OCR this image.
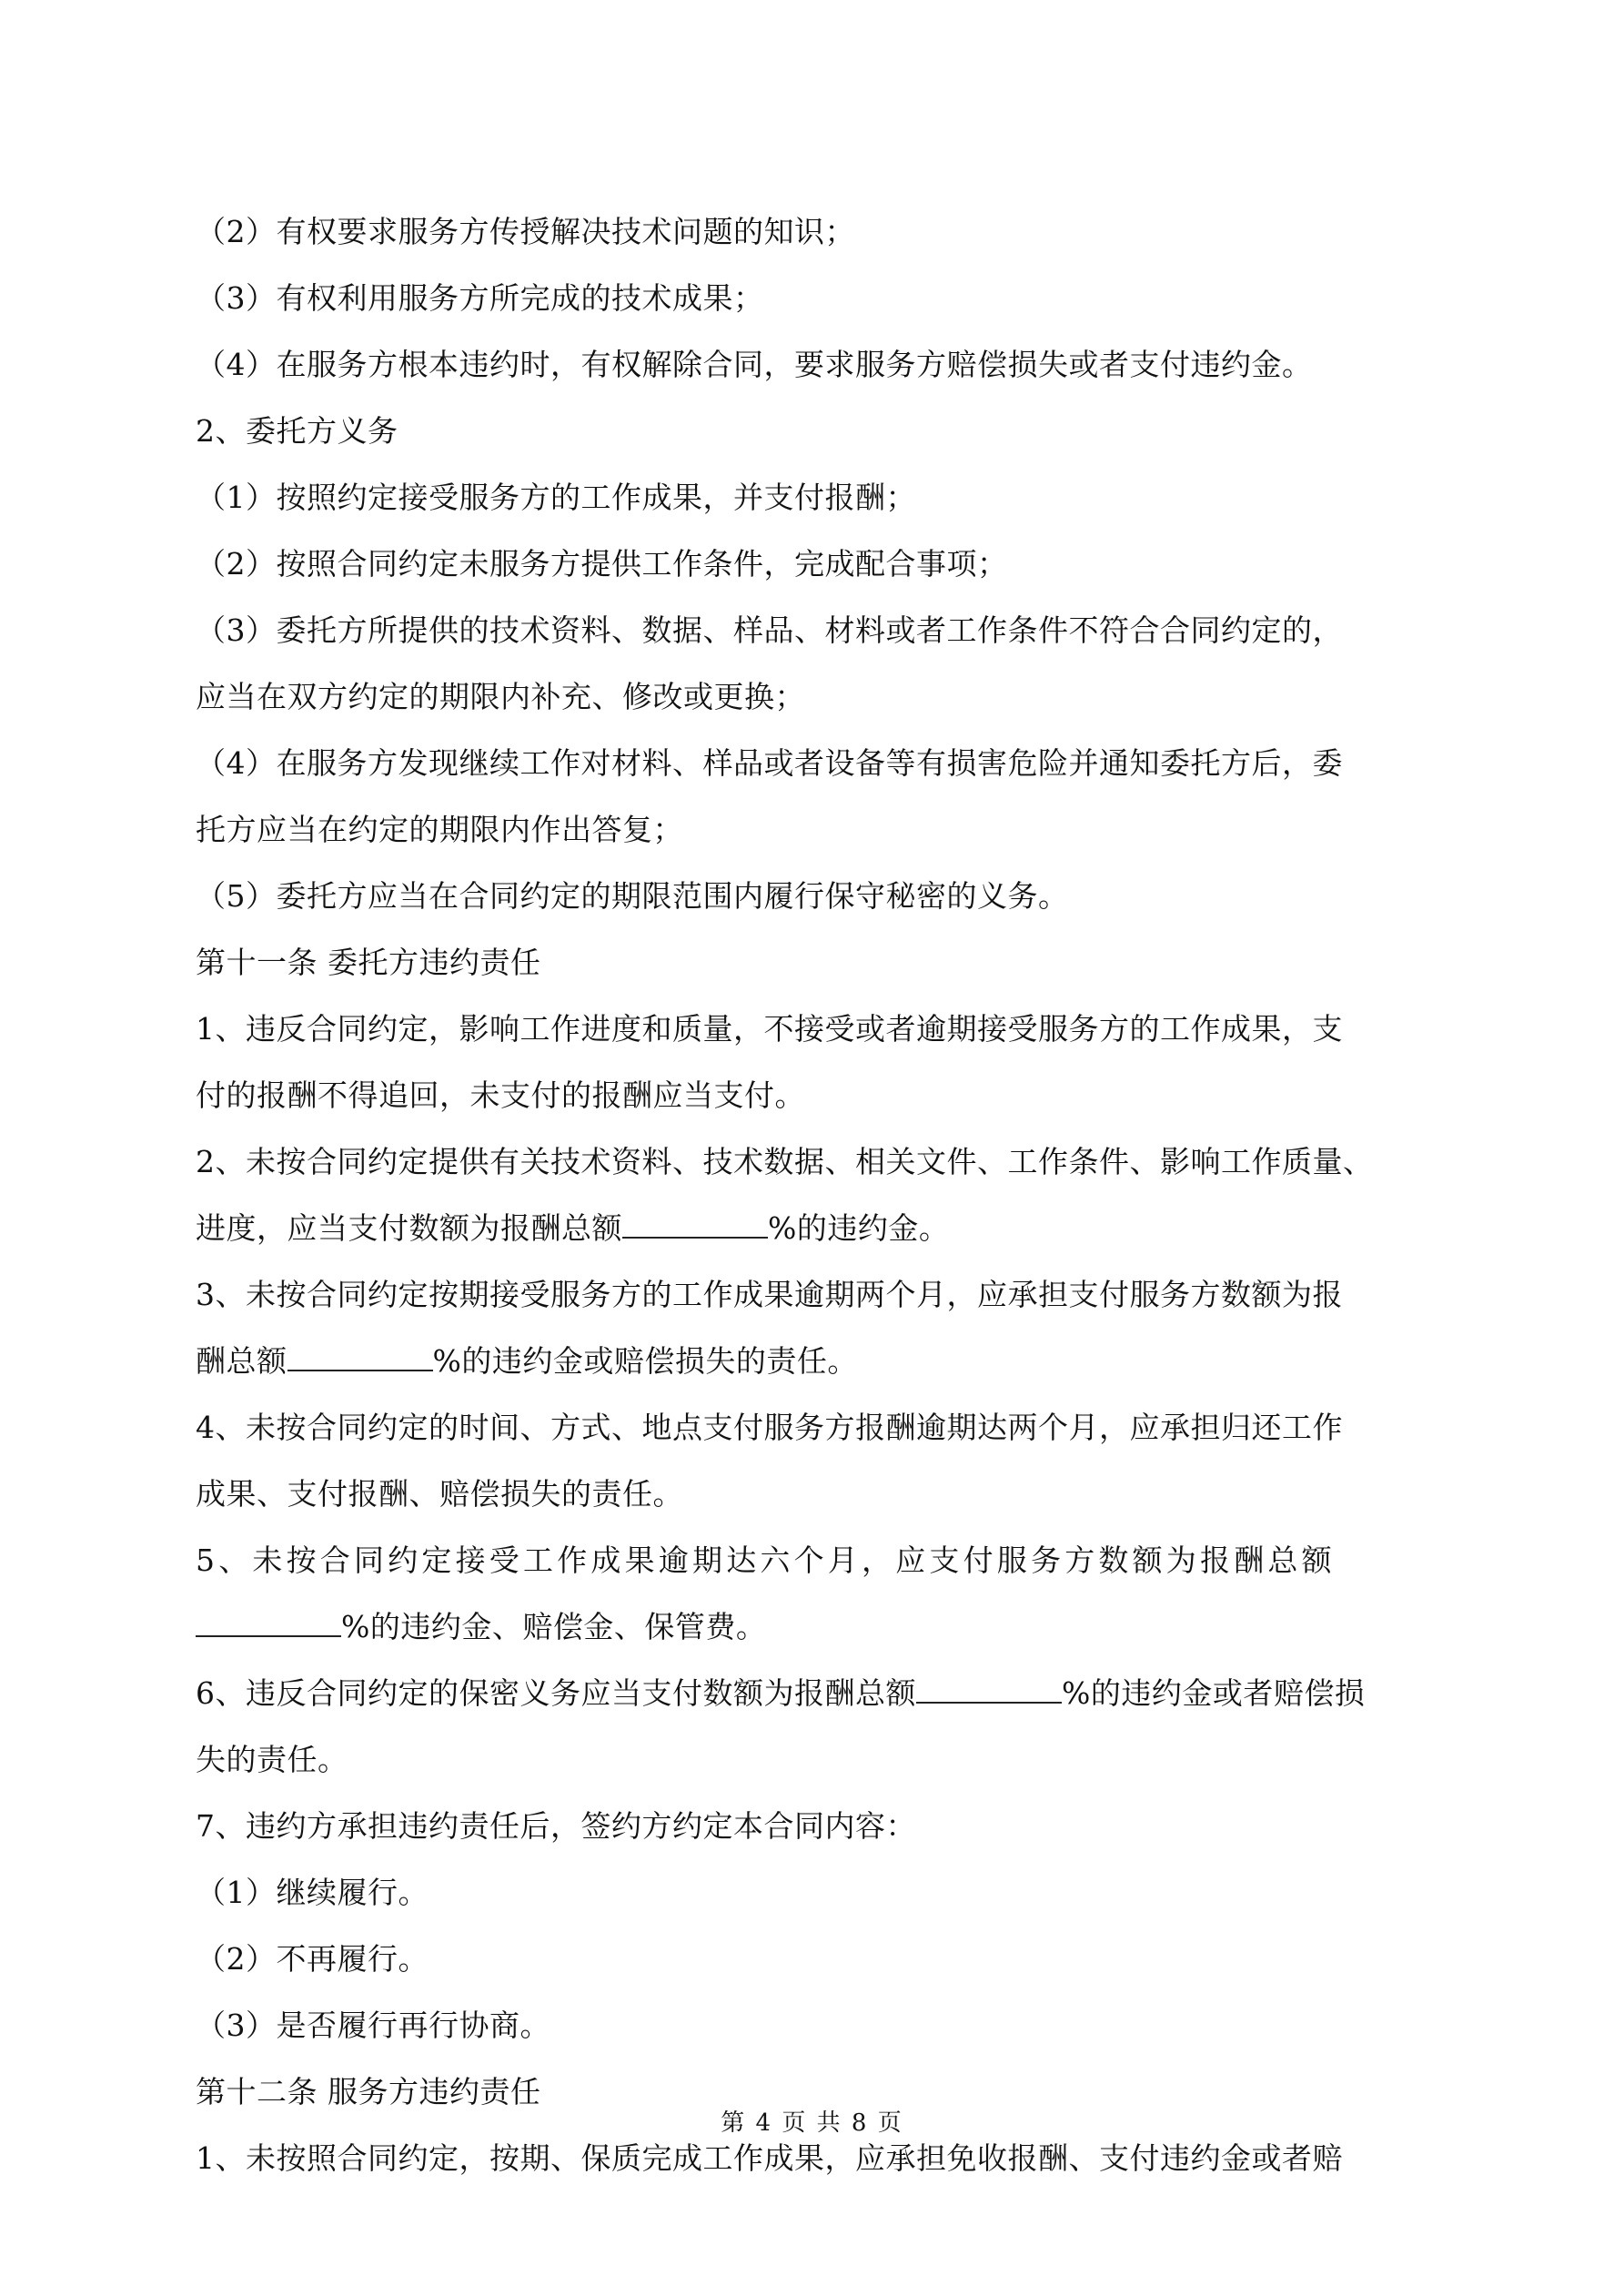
（2）有权要求服务方传授解决技术问题的知识；
（3）有权利用服务方所完成的技术成果；
（4）在服务方根本违约时，有权解除合同，要求服务方赔偿损失或者支付违约金。
2、委托方义务
（1）按照约定接受服务方的工作成果，并支付报酬；
（2）按照合同约定未服务方提供工作条件，完成配合事项；
（3）委托方所提供的技术资料、数据、样品、材料或者工作条件不符合合同约定的，
应当在双方约定的期限内补充、修改或更换；
（4）在服务方发现继续工作对材料、样品或者设备等有损害危险并通知委托方后，委
托方应当在约定的期限内作出答复；
（5）委托方应当在合同约定的期限范围内履行保守秘密的义务。
第十一条 委托方违约责任
1、违反合同约定，影响工作进度和质量，不接受或者逾期接受服务方的工作成果，支
付的报酬不得追回，未支付的报酬应当支付。
2、未按合同约定提供有关技术资料、技术数据、相关文件、工作条件、影响工作质量、
进度，应当支付数额为报酬总额	%的违约金。
3、未按合同约定按期接受服务方的工作成果逾期两个月，应承担支付服务方数额为报
酬总额	%的违约金或赔偿损失的责任。
4、未按合同约定的时间、方式、地点支付服务方报酬逾期达两个月，应承担归还工作
成果、支付报酬、赔偿损失的责任。
5、未按合同约定接受工作成果逾期达六个月，应支付服务方数额为报酬总额
%的违约金、赔偿金、保管费。
6、违反合同约定的保密义务应当支付数额为报酬总额	%的违约金或者赔偿损
失的责任。
7、违约方承担违约责任后，签约方约定本合同内容：
（1）继续履行。
（2）不再履行。
（3）是否履行再行协商。
第十二条 服务方违约责任
1、未按照合同约定，按期、保质完成工作成果，应承担免收报酬、支付违约金或者赔
第 4 页 共 8 页
